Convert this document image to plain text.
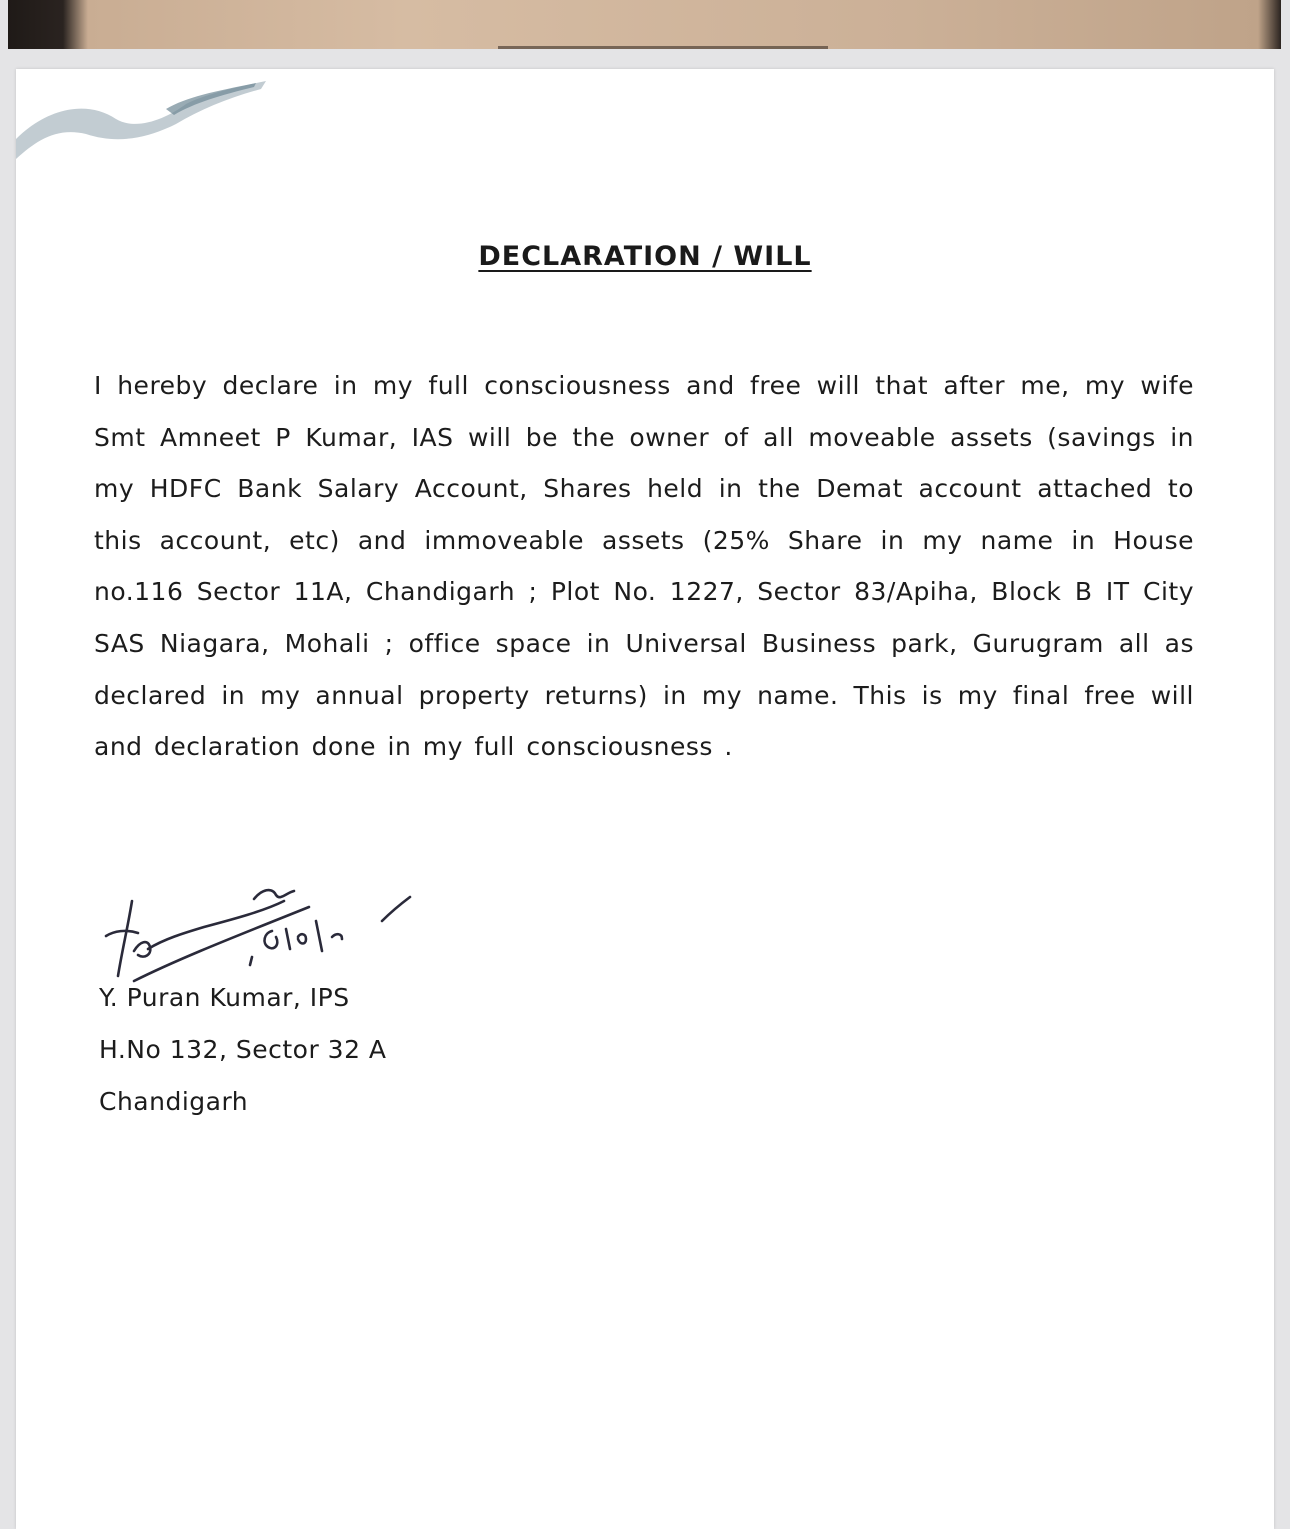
DECLARATION / WILL

I hereby declare in my full consciousness and free will that after me, my wife Smt Amneet P Kumar, IAS will be the owner of all moveable assets (savings in my HDFC Bank Salary Account, Shares held in the Demat account attached to this account, etc) and immoveable assets (25% Share in my name in House no.116 Sector 11A, Chandigarh ; Plot No. 1227, Sector 83/Apiha, Block B IT City SAS Niagara, Mohali ; office space in Universal Business park, Gurugram all as declared in my annual property returns) in my name. This is my final free will and declaration done in my full consciousness .

Y. Puran Kumar, IPS

H.No 132, Sector 32 A

Chandigarh
